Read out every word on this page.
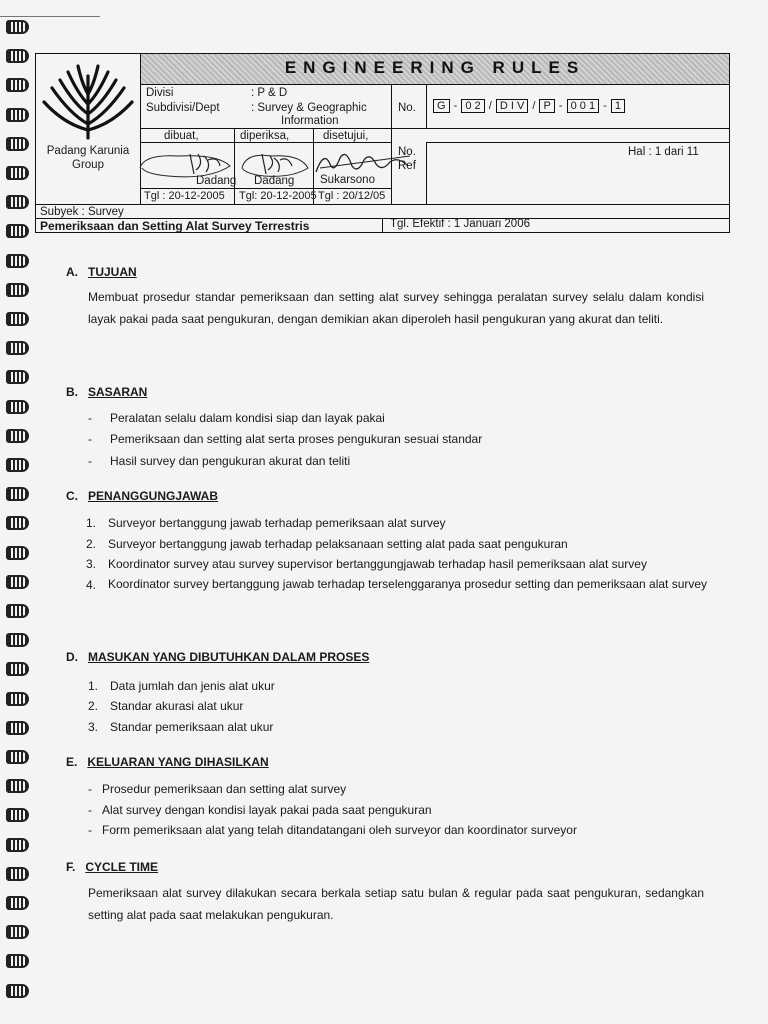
ENGINEERING RULES
Padang Karunia Group
Divisi	: P & D
Subdivisi/Dept	: Survey & Geographic
Information
No.	G - 0 2 / D I V / P - 0 0 1 - 1
dibuat,	diperiksa,	disetujui,
Dadang Dadang Sukarsono
Tgl : 20-12-2005 Tgl: 20-12-2005 Tgl : 20/12/05
No.
Ref
Hal : 1 dari 11
Subyek : Survey
Pemeriksaan dan Setting Alat Survey Terrestris	Tgl. Efektif : 1 Januari 2006
A. TUJUAN
Membuat prosedur standar pemeriksaan dan setting alat survey sehingga peralatan survey selalu dalam kondisi layak pakai pada saat pengukuran, dengan demikian akan diperoleh hasil pengukuran yang akurat dan teliti.
B. SASARAN
- Peralatan selalu dalam kondisi siap dan layak pakai
- Pemeriksaan dan setting alat serta proses pengukuran sesuai standar
- Hasil survey dan pengukuran akurat dan teliti
C. PENANGGUNGJAWAB
1. Surveyor bertanggung jawab terhadap pemeriksaan alat survey
2. Surveyor bertanggung jawab terhadap pelaksanaan setting alat pada saat pengukuran
3. Koordinator survey atau survey supervisor bertanggungjawab terhadap hasil pemeriksaan alat survey
4. Koordinator survey bertanggung jawab terhadap terselenggaranya prosedur setting dan pemeriksaan alat survey
D. MASUKAN YANG DIBUTUHKAN DALAM PROSES
1. Data jumlah dan jenis alat ukur
2. Standar akurasi alat ukur
3. Standar pemeriksaan alat ukur
E. KELUARAN YANG DIHASILKAN
- Prosedur pemeriksaan dan setting alat survey
- Alat survey dengan kondisi layak pakai pada saat pengukuran
- Form pemeriksaan alat yang telah ditandatangani oleh surveyor dan koordinator surveyor
F. CYCLE TIME
Pemeriksaan alat survey dilakukan secara berkala setiap satu bulan & regular pada saat pengukuran, sedangkan setting alat pada saat melakukan pengukuran.
